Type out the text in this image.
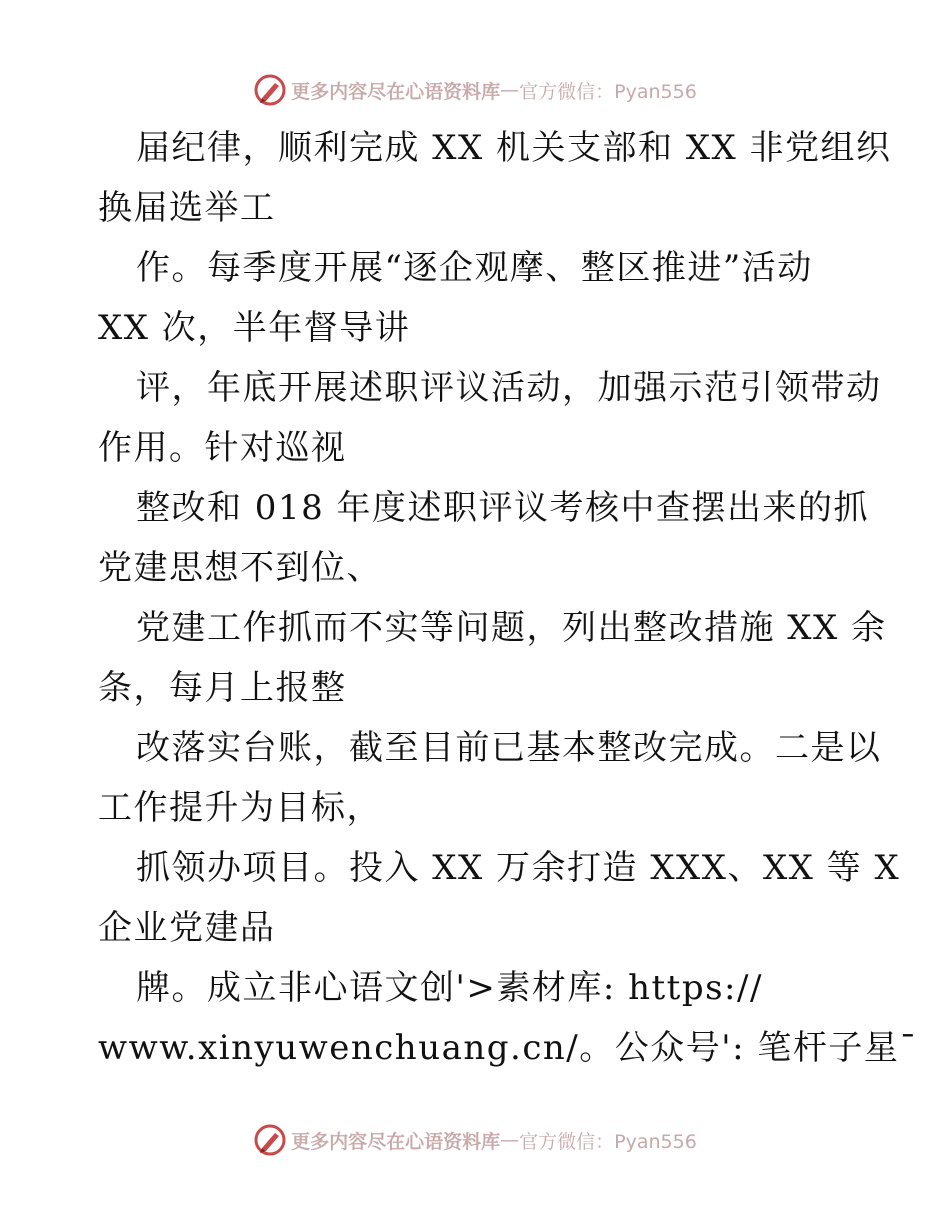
更多内容尽在心语资料库 — 官方微信：Pyan556
届纪律，顺利完成 XX 机关支部和 XX 非党组织
换届选举工
作。每季度开展“逐企观摩、整区推进”活动
XX 次，半年督导讲
评，年底开展述职评议活动，加强示范引领带动
作用。针对巡视
整改和 018 年度述职评议考核中查摆出来的抓
党建思想不到位、
党建工作抓而不实等问题，列出整改措施 XX 余
条，每月上报整
改落实台账，截至目前已基本整改完成。二是以
工作提升为目标，
抓领办项目。投入 XX 万余打造 XXX、XX 等 X
企业党建品
牌。成立非心语文创'>素材库: https://
www.xinyuwenchuang.cn/。公众号': 笔杆子星¯
更多内容尽在心语资料库 — 官方微信：Pyan556
